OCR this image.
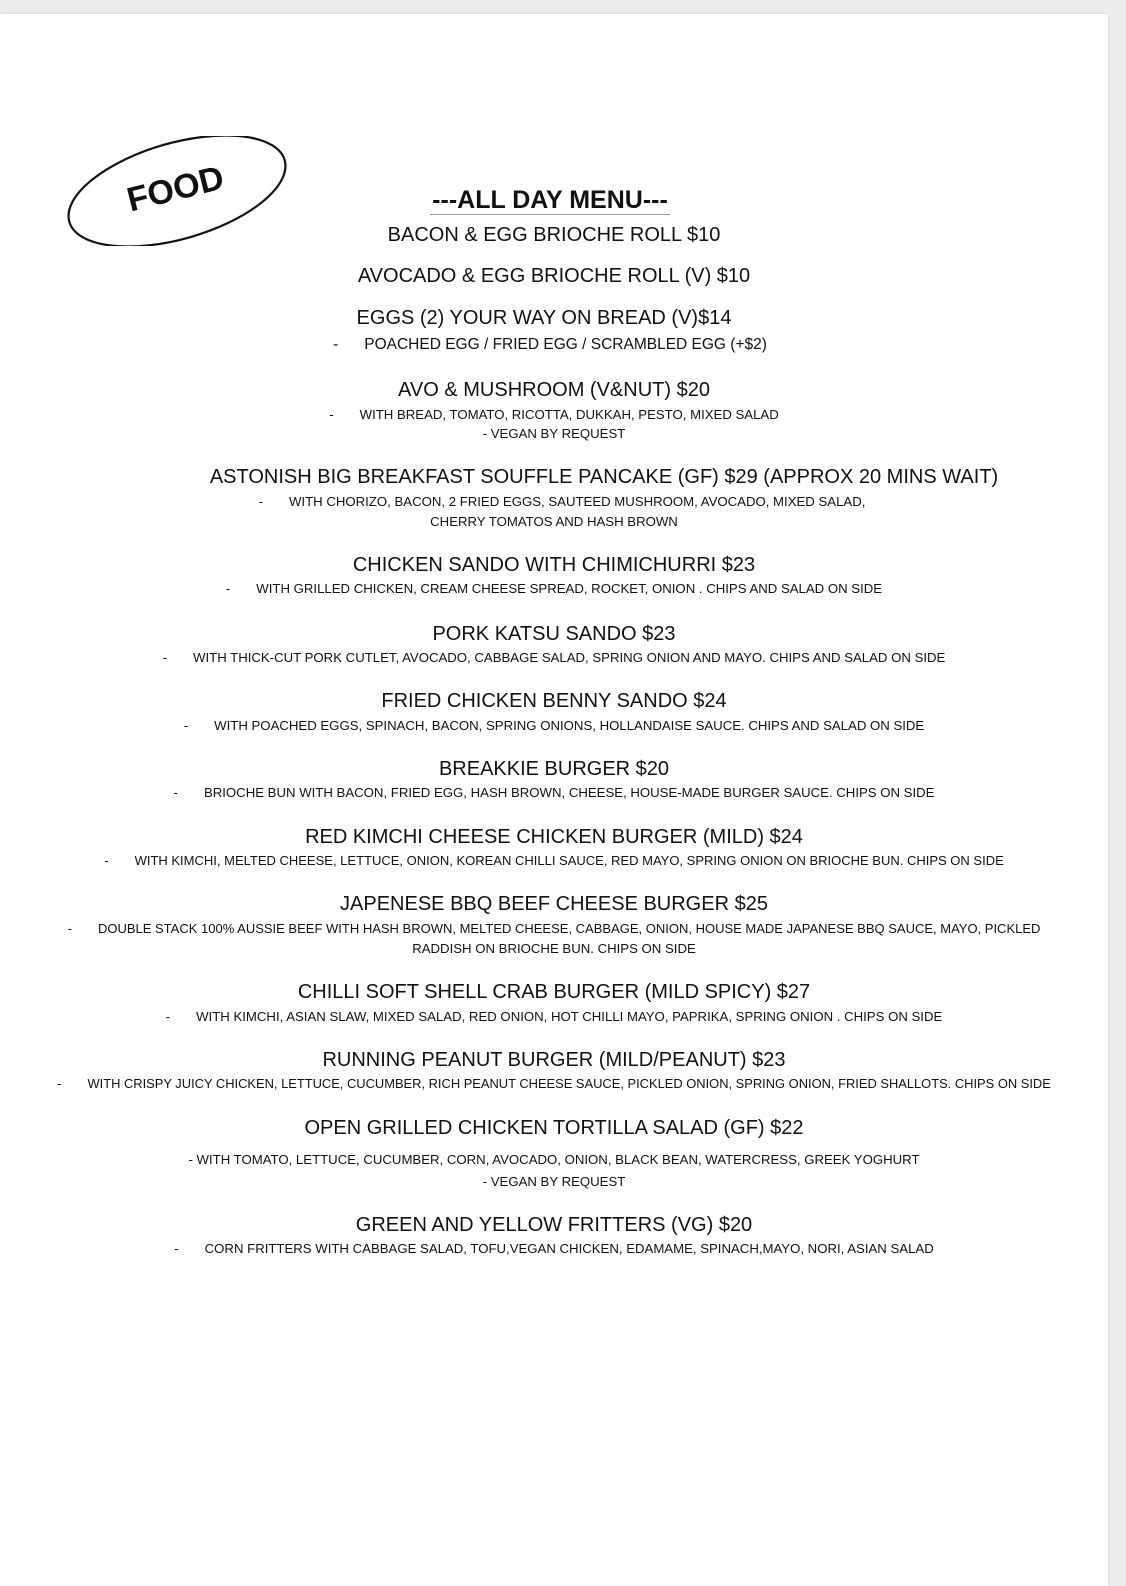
FOOD	---ALL DAY MENU---
BACON & EGG BRIOCHE ROLL $10
AVOCADO & EGG BRIOCHE ROLL (V) $10
EGGS (2) YOUR WAY ON BREAD (V)$14
- POACHED EGG / FRIED EGG / SCRAMBLED EGG (+$2)
AVO & MUSHROOM (V&NUT) $20
- WITH BREAD, TOMATO, RICOTTA, DUKKAH, PESTO, MIXED SALAD
- VEGAN BY REQUEST
ASTONISH BIG BREAKFAST SOUFFLE PANCAKE (GF) $29 (APPROX 20 MINS WAIT)
- WITH CHORIZO, BACON, 2 FRIED EGGS, SAUTEED MUSHROOM, AVOCADO, MIXED SALAD,
CHERRY TOMATOS AND HASH BROWN
CHICKEN SANDO WITH CHIMICHURRI $23
- WITH GRILLED CHICKEN, CREAM CHEESE SPREAD, ROCKET, ONION . CHIPS AND SALAD ON SIDE
PORK KATSU SANDO $23
- WITH THICK-CUT PORK CUTLET, AVOCADO, CABBAGE SALAD, SPRING ONION AND MAYO. CHIPS AND SALAD ON SIDE
FRIED CHICKEN BENNY SANDO $24
- WITH POACHED EGGS, SPINACH, BACON, SPRING ONIONS, HOLLANDAISE SAUCE. CHIPS AND SALAD ON SIDE
BREAKKIE BURGER $20
- BRIOCHE BUN WITH BACON, FRIED EGG, HASH BROWN, CHEESE, HOUSE-MADE BURGER SAUCE. CHIPS ON SIDE
RED KIMCHI CHEESE CHICKEN BURGER (MILD) $24
- WITH KIMCHI, MELTED CHEESE, LETTUCE, ONION, KOREAN CHILLI SAUCE, RED MAYO, SPRING ONION ON BRIOCHE BUN. CHIPS ON SIDE
JAPENESE BBQ BEEF CHEESE BURGER $25
- DOUBLE STACK 100% AUSSIE BEEF WITH HASH BROWN, MELTED CHEESE, CABBAGE, ONION, HOUSE MADE JAPANESE BBQ SAUCE, MAYO, PICKLED
RADDISH ON BRIOCHE BUN. CHIPS ON SIDE
CHILLI SOFT SHELL CRAB BURGER (MILD SPICY) $27
- WITH KIMCHI, ASIAN SLAW, MIXED SALAD, RED ONION, HOT CHILLI MAYO, PAPRIKA, SPRING ONION . CHIPS ON SIDE
RUNNING PEANUT BURGER (MILD/PEANUT) $23
- WITH CRISPY JUICY CHICKEN, LETTUCE, CUCUMBER, RICH PEANUT CHEESE SAUCE, PICKLED ONION, SPRING ONION, FRIED SHALLOTS. CHIPS ON SIDE
OPEN GRILLED CHICKEN TORTILLA SALAD (GF) $22
- WITH TOMATO, LETTUCE, CUCUMBER, CORN, AVOCADO, ONION, BLACK BEAN, WATERCRESS, GREEK YOGHURT
- VEGAN BY REQUEST
GREEN AND YELLOW FRITTERS (VG) $20
- CORN FRITTERS WITH CABBAGE SALAD, TOFU,VEGAN CHICKEN, EDAMAME, SPINACH,MAYO, NORI, ASIAN SALAD
